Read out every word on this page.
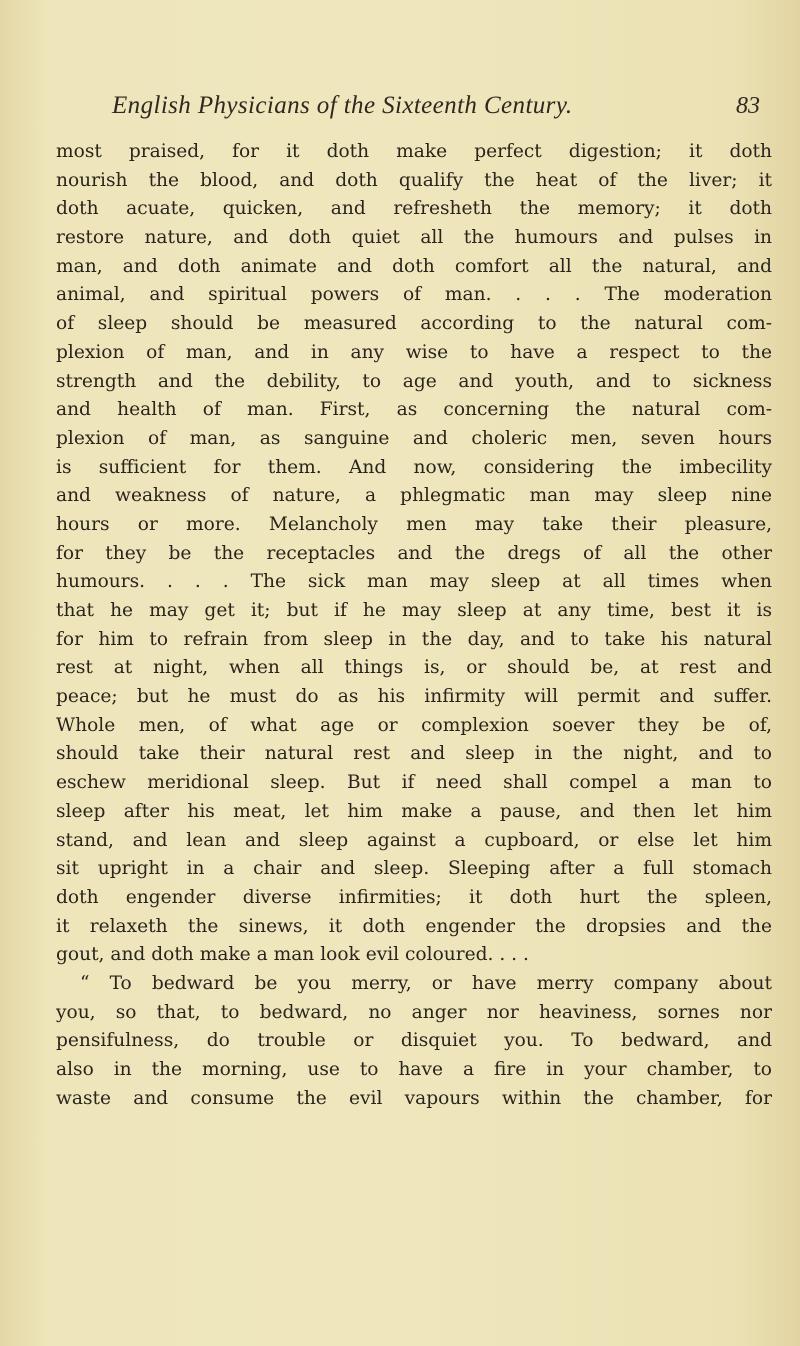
English Physicians of the Sixteenth Century.	83
most praised, for it doth make perfect digestion; it doth
nourish the blood, and doth qualify the heat of the liver; it
doth acuate, quicken, and refresheth the memory; it doth
restore nature, and doth quiet all the humours and pulses in
man, and doth animate and doth comfort all the natural, and
animal, and spiritual powers of man. . . . The moderation
of sleep should be measured according to the natural com-
plexion of man, and in any wise to have a respect to the
strength and the debility, to age and youth, and to sickness
and health of man. First, as concerning the natural com-
plexion of man, as sanguine and choleric men, seven hours
is sufficient for them. And now, considering the imbecility
and weakness of nature, a phlegmatic man may sleep nine
hours or more. Melancholy men may take their pleasure,
for they be the receptacles and the dregs of all the other
humours. . . . The sick man may sleep at all times when
that he may get it; but if he may sleep at any time, best it is
for him to refrain from sleep in the day, and to take his natural
rest at night, when all things is, or should be, at rest and
peace; but he must do as his infirmity will permit and suffer.
Whole men, of what age or complexion soever they be of,
should take their natural rest and sleep in the night, and to
eschew meridional sleep. But if need shall compel a man to
sleep after his meat, let him make a pause, and then let him
stand, and lean and sleep against a cupboard, or else let him
sit upright in a chair and sleep. Sleeping after a full stomach
doth engender diverse infirmities; it doth hurt the spleen,
it relaxeth the sinews, it doth engender the dropsies and the
gout, and doth make a man look evil coloured. . . .
“ To bedward be you merry, or have merry company about
you, so that, to bedward, no anger nor heaviness, sornes nor
pensifulness, do trouble or disquiet you. To bedward, and
also in the morning, use to have a fire in your chamber, to
waste and consume the evil vapours within the chamber, for
